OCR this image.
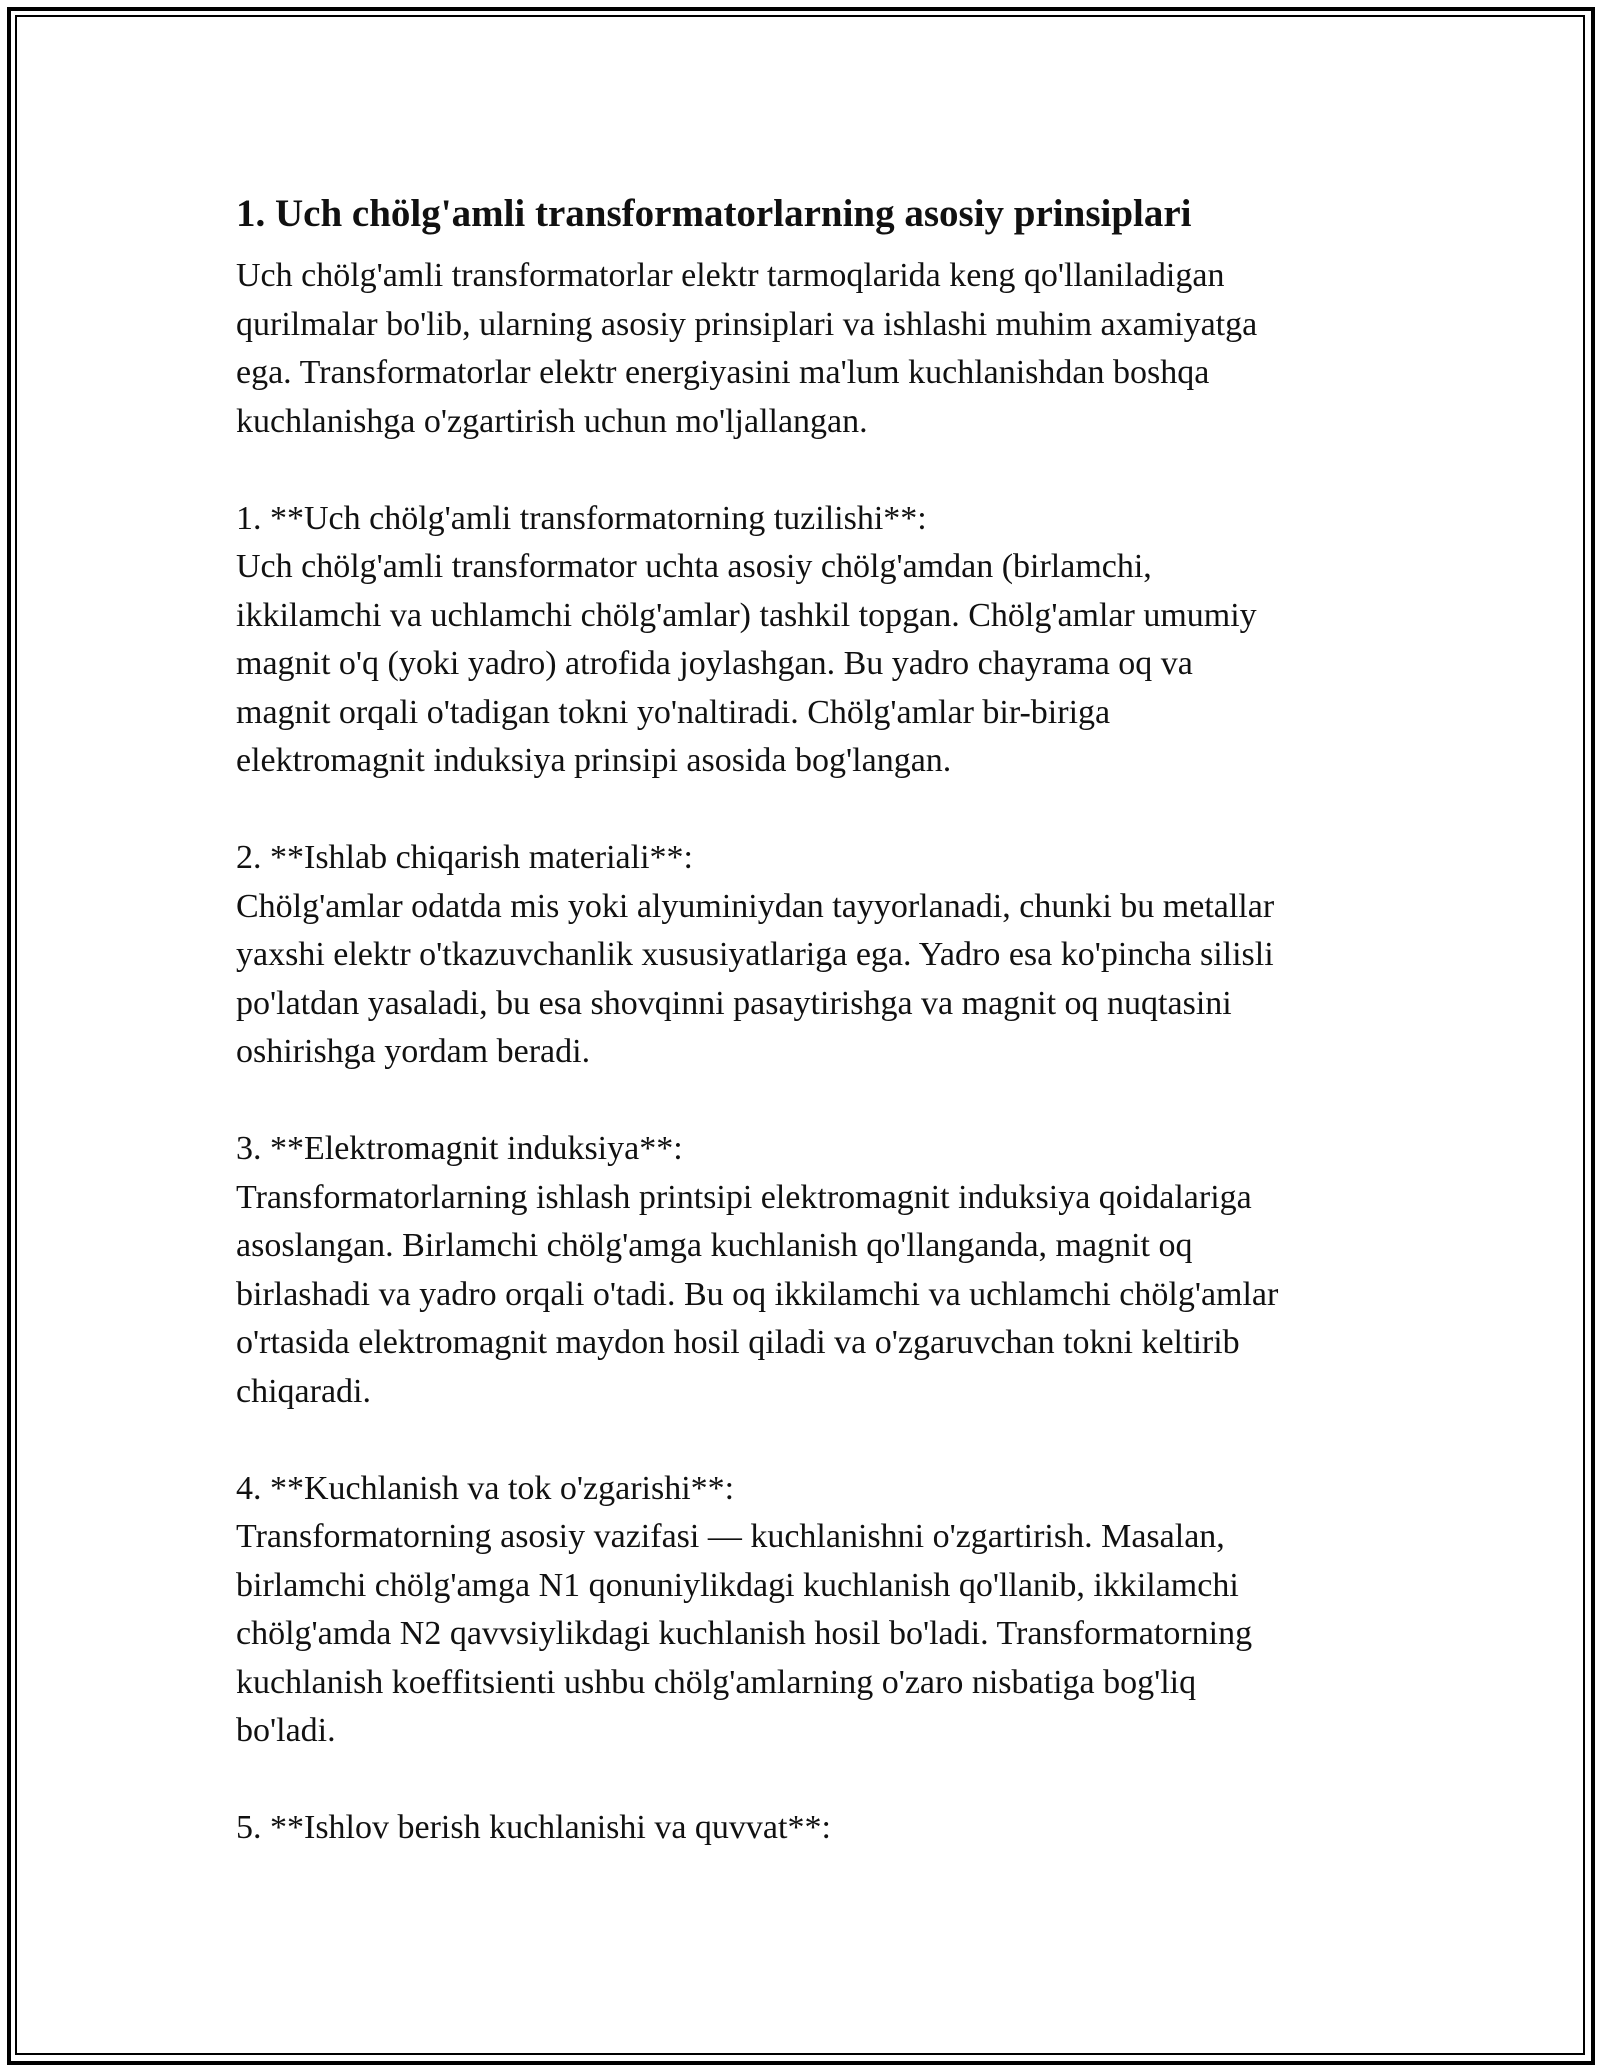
1. Uch chölg'amli transformatorlarning asosiy prinsiplari

Uch chölg'amli transformatorlar elektr tarmoqlarida keng qo'llaniladigan

qurilmalar bo'lib, ularning asosiy prinsiplari va ishlashi muhim axamiyatga

ega. Transformatorlar elektr energiyasini ma'lum kuchlanishdan boshqa

kuchlanishga o'zgartirish uchun mo'ljallangan.

1. **Uch chölg'amli transformatorning tuzilishi**:

Uch chölg'amli transformator uchta asosiy chölg'amdan (birlamchi,

ikkilamchi va uchlamchi chölg'amlar) tashkil topgan. Chölg'amlar umumiy

magnit o'q (yoki yadro) atrofida joylashgan. Bu yadro chayrama oq va

magnit orqali o'tadigan tokni yo'naltiradi. Chölg'amlar bir-biriga

elektromagnit induksiya prinsipi asosida bog'langan.

2. **Ishlab chiqarish materiali**:

Chölg'amlar odatda mis yoki alyuminiydan tayyorlanadi, chunki bu metallar

yaxshi elektr o'tkazuvchanlik xususiyatlariga ega. Yadro esa ko'pincha silisli

po'latdan yasaladi, bu esa shovqinni pasaytirishga va magnit oq nuqtasini

oshirishga yordam beradi.

3. **Elektromagnit induksiya**:

Transformatorlarning ishlash printsipi elektromagnit induksiya qoidalariga

asoslangan. Birlamchi chölg'amga kuchlanish qo'llanganda, magnit oq

birlashadi va yadro orqali o'tadi. Bu oq ikkilamchi va uchlamchi chölg'amlar

o'rtasida elektromagnit maydon hosil qiladi va o'zgaruvchan tokni keltirib

chiqaradi.

4. **Kuchlanish va tok o'zgarishi**:

Transformatorning asosiy vazifasi — kuchlanishni o'zgartirish. Masalan,

birlamchi chölg'amga N1 qonuniylikdagi kuchlanish qo'llanib, ikkilamchi

chölg'amda N2 qavvsiylikdagi kuchlanish hosil bo'ladi. Transformatorning

kuchlanish koeffitsienti ushbu chölg'amlarning o'zaro nisbatiga bog'liq

bo'ladi.

5. **Ishlov berish kuchlanishi va quvvat**:
